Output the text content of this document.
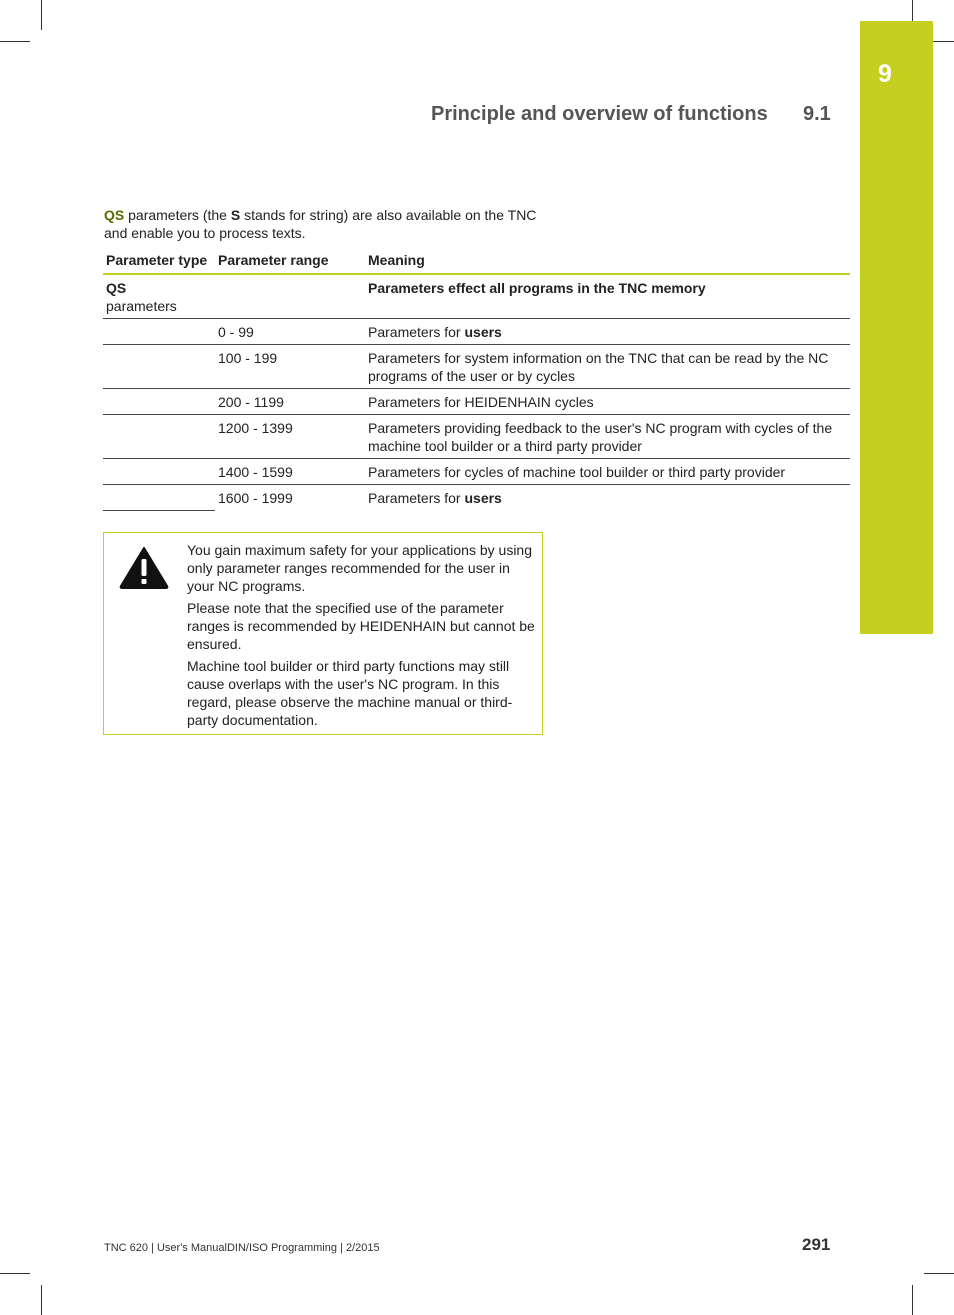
9
Principle and overview of functions 9.1
QS parameters (the S stands for string) are also available on the TNC and enable you to process texts.
Parameter type	Parameter range	Meaning
QS
parameters		Parameters effect all programs in the TNC memory
	0 - 99	Parameters for users
	100 - 199	Parameters for system information on the TNC that can be read by the NC programs of the user or by cycles
	200 - 1199	Parameters for HEIDENHAIN cycles
	1200 - 1399	Parameters providing feedback to the user's NC program with cycles of the machine tool builder or a third party provider
	1400 - 1599	Parameters for cycles of machine tool builder or third party provider
	1600 - 1999	Parameters for users

You gain maximum safety for your applications by using only parameter ranges recommended for the user in your NC programs.

Please note that the specified use of the parameter ranges is recommended by HEIDENHAIN but cannot be ensured.

Machine tool builder or third party functions may still cause overlaps with the user's NC program. In this regard, please observe the machine manual or third-party documentation.

TNC 620 | User's ManualDIN/ISO Programming | 2/2015	291
